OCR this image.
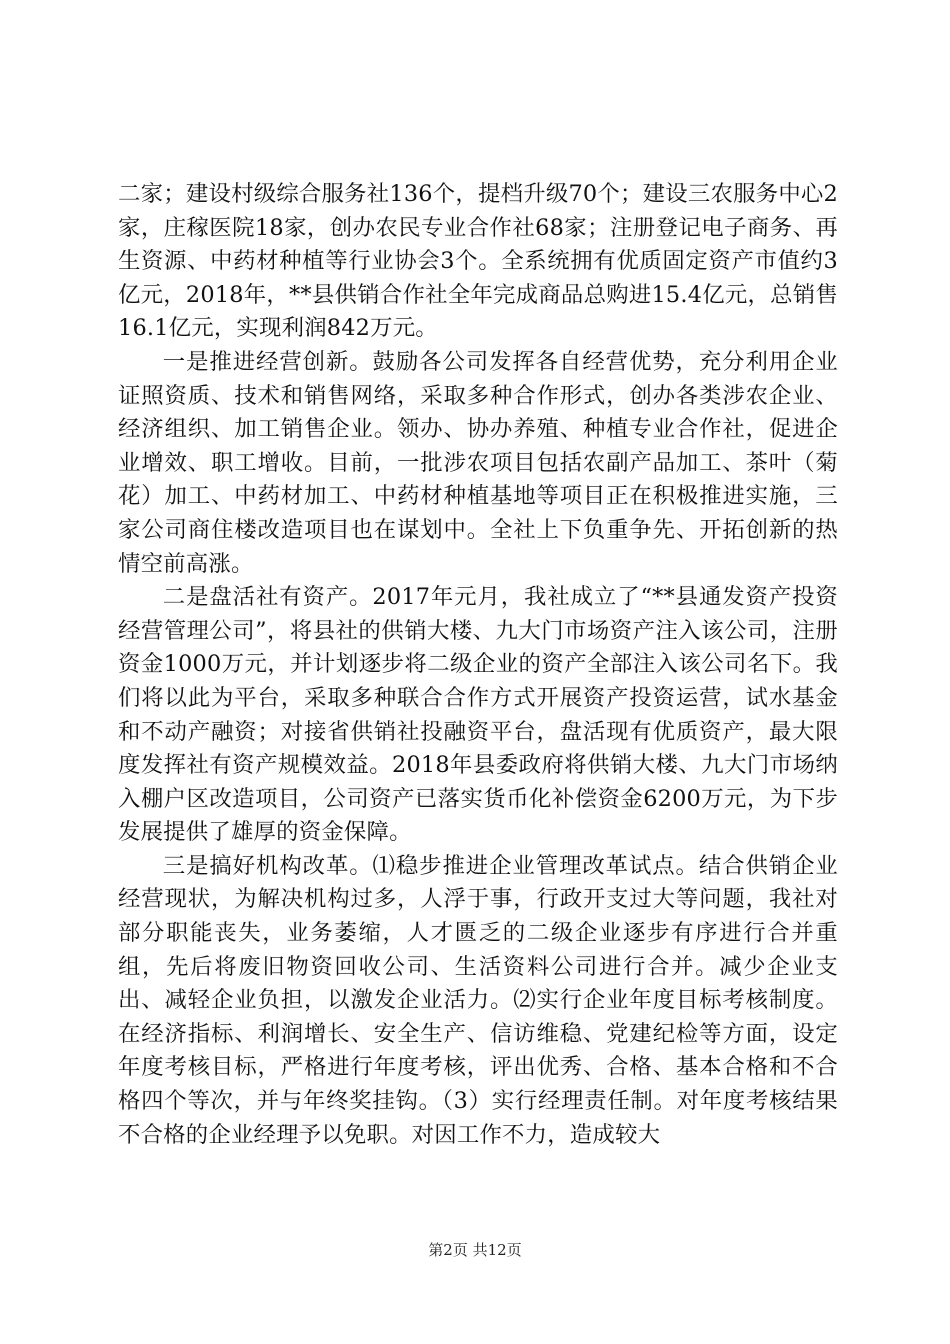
二家；建设村级综合服务社136个，提档升级70个；建设三农服务中心2家，庄稼医院18家，创办农民专业合作社68家；注册登记电子商务、再生资源、中药材种植等行业协会3个。全系统拥有优质固定资产市值约3亿元，2018年，**县供销合作社全年完成商品总购进15.4亿元，总销售16.1亿元，实现利润842万元。

一是推进经营创新。鼓励各公司发挥各自经营优势，充分利用企业证照资质、技术和销售网络，采取多种合作形式，创办各类涉农企业、经济组织、加工销售企业。领办、协办养殖、种植专业合作社，促进企业增效、职工增收。目前，一批涉农项目包括农副产品加工、茶叶（菊花）加工、中药材加工、中药材种植基地等项目正在积极推进实施，三家公司商住楼改造项目也在谋划中。全社上下负重争先、开拓创新的热情空前高涨。

二是盘活社有资产。2017年元月，我社成立了“**县通发资产投资经营管理公司”，将县社的供销大楼、九大门市场资产注入该公司，注册资金1000万元，并计划逐步将二级企业的资产全部注入该公司名下。我们将以此为平台，采取多种联合合作方式开展资产投资运营，试水基金和不动产融资；对接省供销社投融资平台，盘活现有优质资产，最大限度发挥社有资产规模效益。2018年县委政府将供销大楼、九大门市场纳入棚户区改造项目，公司资产已落实货币化补偿资金6200万元，为下步发展提供了雄厚的资金保障。

三是搞好机构改革。⑴稳步推进企业管理改革试点。结合供销企业经营现状，为解决机构过多，人浮于事，行政开支过大等问题，我社对部分职能丧失，业务萎缩，人才匮乏的二级企业逐步有序进行合并重组，先后将废旧物资回收公司、生活资料公司进行合并。减少企业支出、减轻企业负担，以激发企业活力。⑵实行企业年度目标考核制度。在经济指标、利润增长、安全生产、信访维稳、党建纪检等方面，设定年度考核目标，严格进行年度考核，评出优秀、合格、基本合格和不合格四个等次，并与年终奖挂钩。（3）实行经理责任制。对年度考核结果不合格的企业经理予以免职。对因工作不力，造成较大

第2页 共12页
